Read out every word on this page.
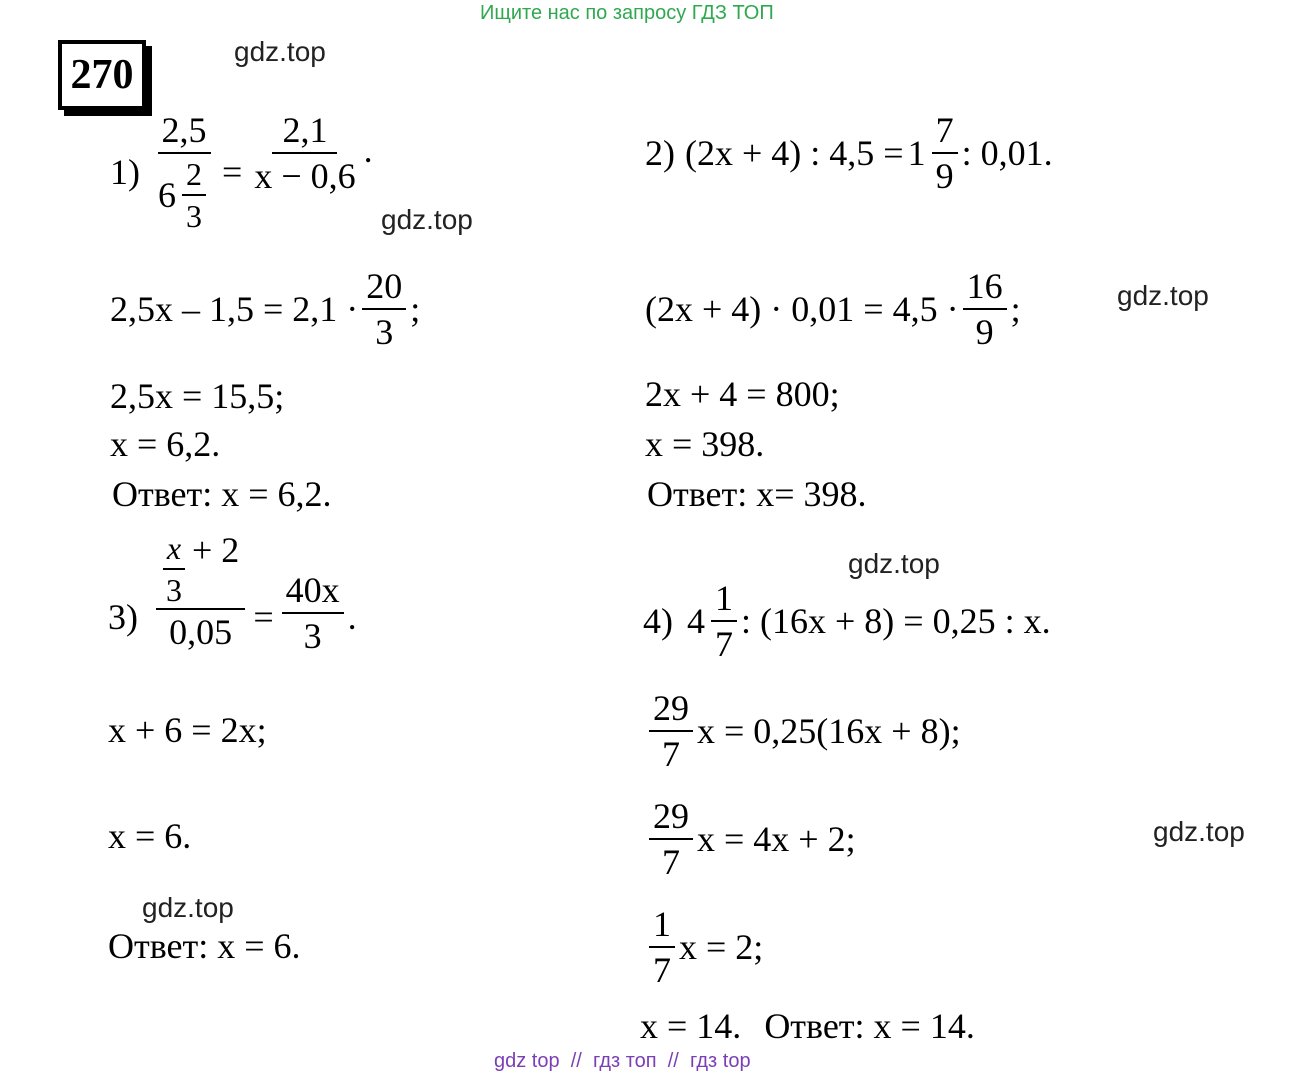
Ищите нас по запросу ГДЗ ТОП
270
gdz.top
gdz.top
gdz.top
gdz.top
gdz.top
gdz.top
$1) \frac{2,5}{6 \frac{2}{3}} = \frac{2,1}{x - 0,6}$ .
$2,5x - 1,5 = 2,1 \cdot \frac{20}{3}$ ;
2,5x = 15,5;
x = 6,2.
Ответ: x = 6,2.
2) (2x + 4) : $4,5 = 1 \frac{7}{9}$ : 0,01.
$(2x + 4) \cdot 0,01 = 4,5 \cdot \frac{16}{9}$ ;
2x + 4 = 800;
x = 398.
Ответ: x= 398.
$3) \frac{\frac{x}{3} + 2}{0,05} = \frac{40x}{3}$ .
x + 6 = 2x;
x = 6.
Ответ: x = 6.
4) $4 \frac{1}{7}$ : (16x + 8) = 0,25 : x.
$\frac{29}{7}$ x = 0,25(16x + 8);
$\frac{29}{7}$ x = 4x + 2;
$\frac{1}{7}$ x = 2;
x = 14. Ответ: x = 14.
gdz top  //  гдз топ  //  гдз top
